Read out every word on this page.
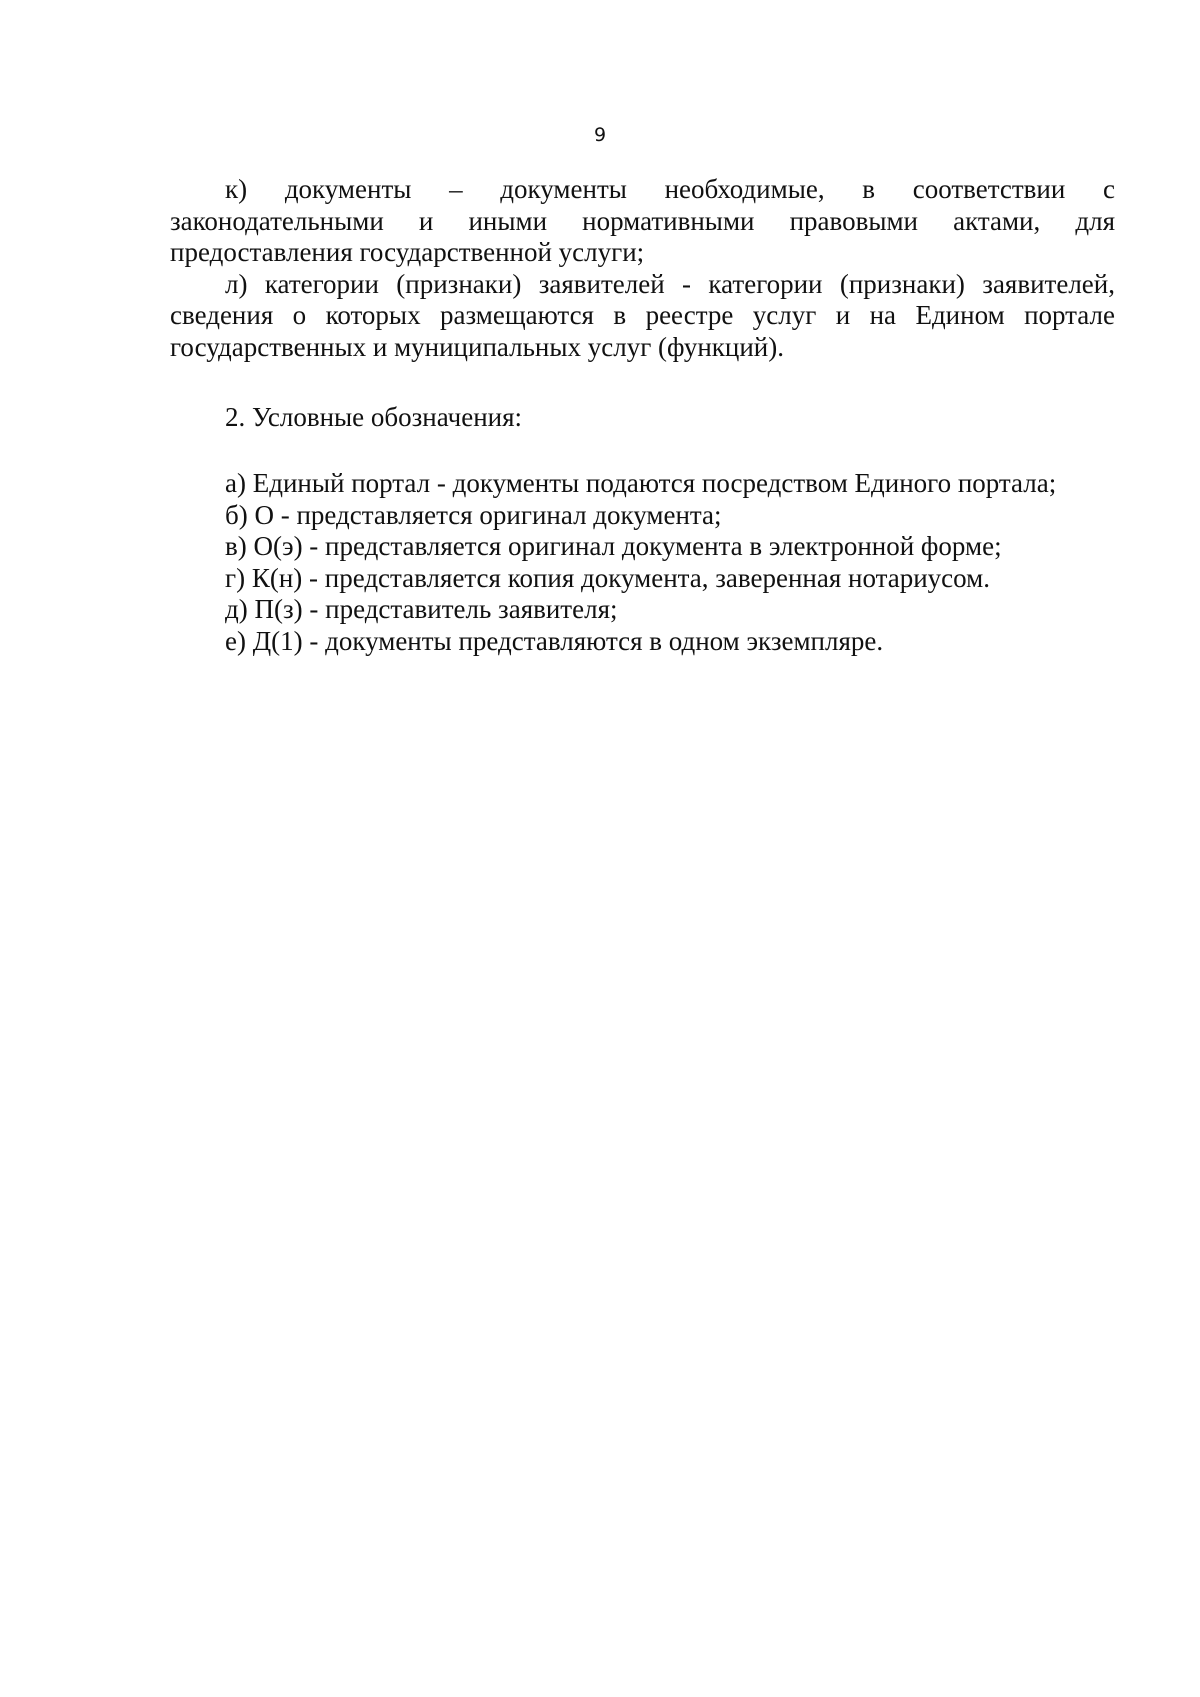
9

к) документы – документы необходимые, в соответствии с законодательными и иными нормативными правовыми актами, для предоставления государственной услуги;

л) категории (признаки) заявителей - категории (признаки) заявителей, сведения о которых размещаются в реестре услуг и на Едином портале государственных и муниципальных услуг (функций).

2. Условные обозначения:
а) Единый портал - документы подаются посредством Единого портала;
б) О - представляется оригинал документа;
в) О(э) - представляется оригинал документа в электронной форме;
г) К(н) - представляется копия документа, заверенная нотариусом.
д) П(з) - представитель заявителя;
е) Д(1) - документы представляются в одном экземпляре.
